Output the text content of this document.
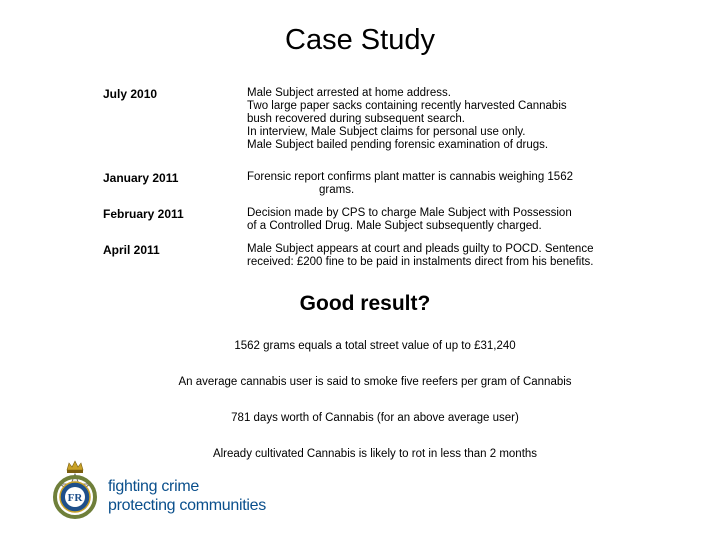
Case Study
July 2010	Male Subject arrested at home address.
Two large paper sacks containing recently harvested Cannabis
bush recovered during subsequent search.
In interview, Male Subject claims for personal use only.
Male Subject bailed pending forensic examination of drugs.
January 2011	Forensic report confirms plant matter is cannabis weighing 1562
grams.
February 2011	Decision made by CPS to charge Male Subject with Possession
of a Controlled Drug. Male Subject subsequently charged.
April 2011	Male Subject appears at court and pleads guilty to POCD. Sentence
received: £200 fine to be paid in instalments direct from his benefits.
Good result?
1562 grams equals a total street value of up to £31,240
An average cannabis user is said to smoke five reefers per gram of Cannabis
781 days worth of Cannabis (for an above average user)
Already cultivated Cannabis is likely to rot in less than 2 months
FR
fighting crime
protecting communities
